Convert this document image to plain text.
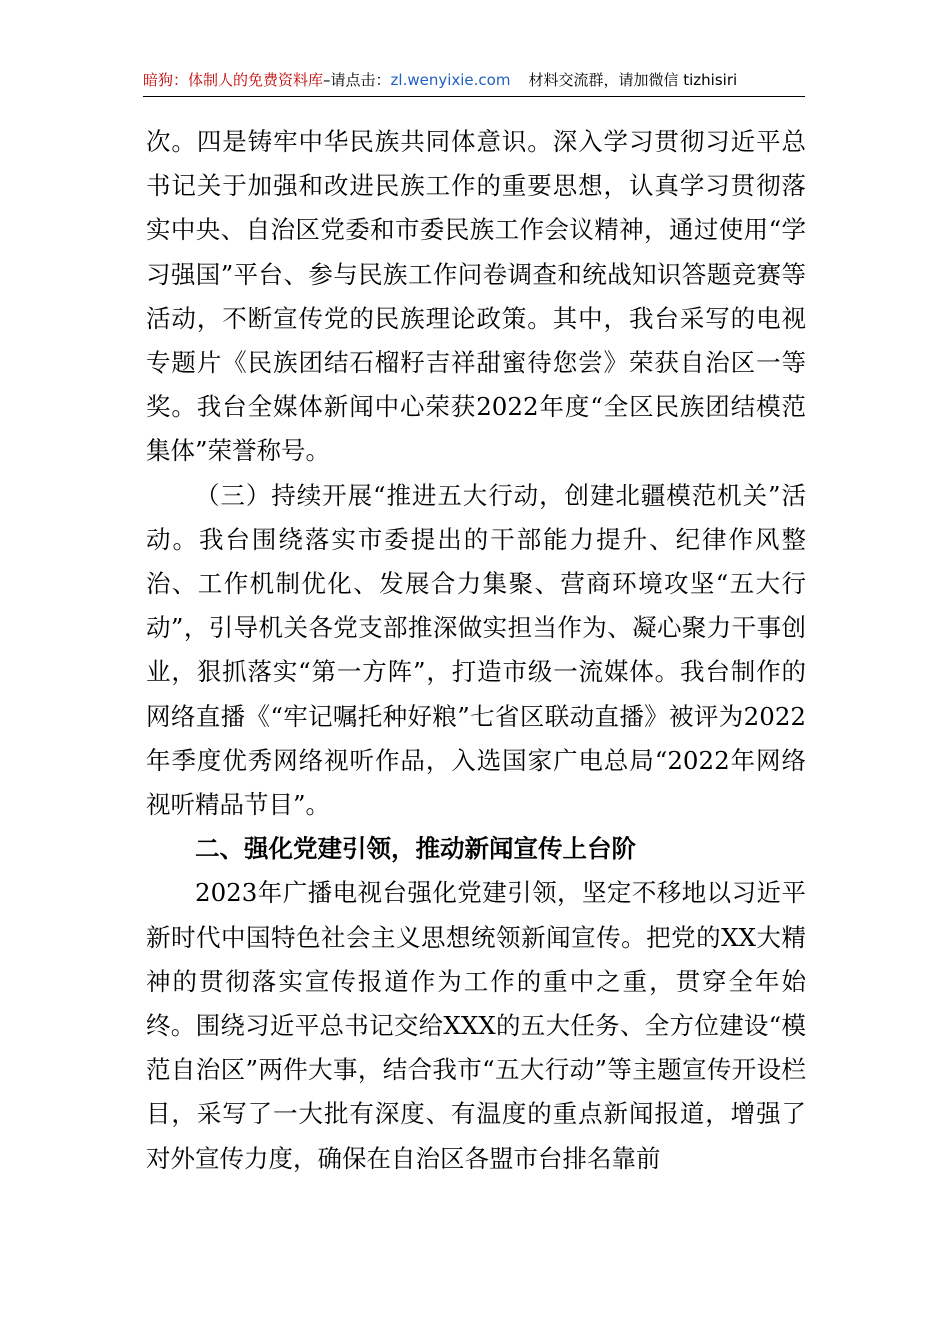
暗狗：体制人的免费资料库–请点击：zl.wenyixie.com 材料交流群，请加微信 tizhisiri

次。四是铸牢中华民族共同体意识。深入学习贯彻习近平总书记关于加强和改进民族工作的重要思想，认真学习贯彻落实中央、自治区党委和市委民族工作会议精神，通过使用“学习强国”平台、参与民族工作问卷调查和统战知识答题竞赛等活动，不断宣传党的民族理论政策。其中，我台采写的电视专题片《民族团结石榴籽吉祥甜蜜待您尝》荣获自治区一等奖。我台全媒体新闻中心荣获2022年度“全区民族团结模范集体”荣誉称号。

（三）持续开展“推进五大行动，创建北疆模范机关”活动。我台围绕落实市委提出的干部能力提升、纪律作风整治、工作机制优化、发展合力集聚、营商环境攻坚“五大行动”，引导机关各党支部推深做实担当作为、凝心聚力干事创业，狠抓落实“第一方阵”，打造市级一流媒体。我台制作的网络直播《“牢记嘱托种好粮”七省区联动直播》被评为2022年季度优秀网络视听作品，入选国家广电总局“2022年网络视听精品节目”。

二、强化党建引领，推动新闻宣传上台阶

2023年广播电视台强化党建引领，坚定不移地以习近平新时代中国特色社会主义思想统领新闻宣传。把党的XX大精神的贯彻落实宣传报道作为工作的重中之重，贯穿全年始终。围绕习近平总书记交给XXX的五大任务、全方位建设“模范自治区”两件大事，结合我市“五大行动”等主题宣传开设栏目，采写了一大批有深度、有温度的重点新闻报道，增强了对外宣传力度，确保在自治区各盟市台排名靠前
